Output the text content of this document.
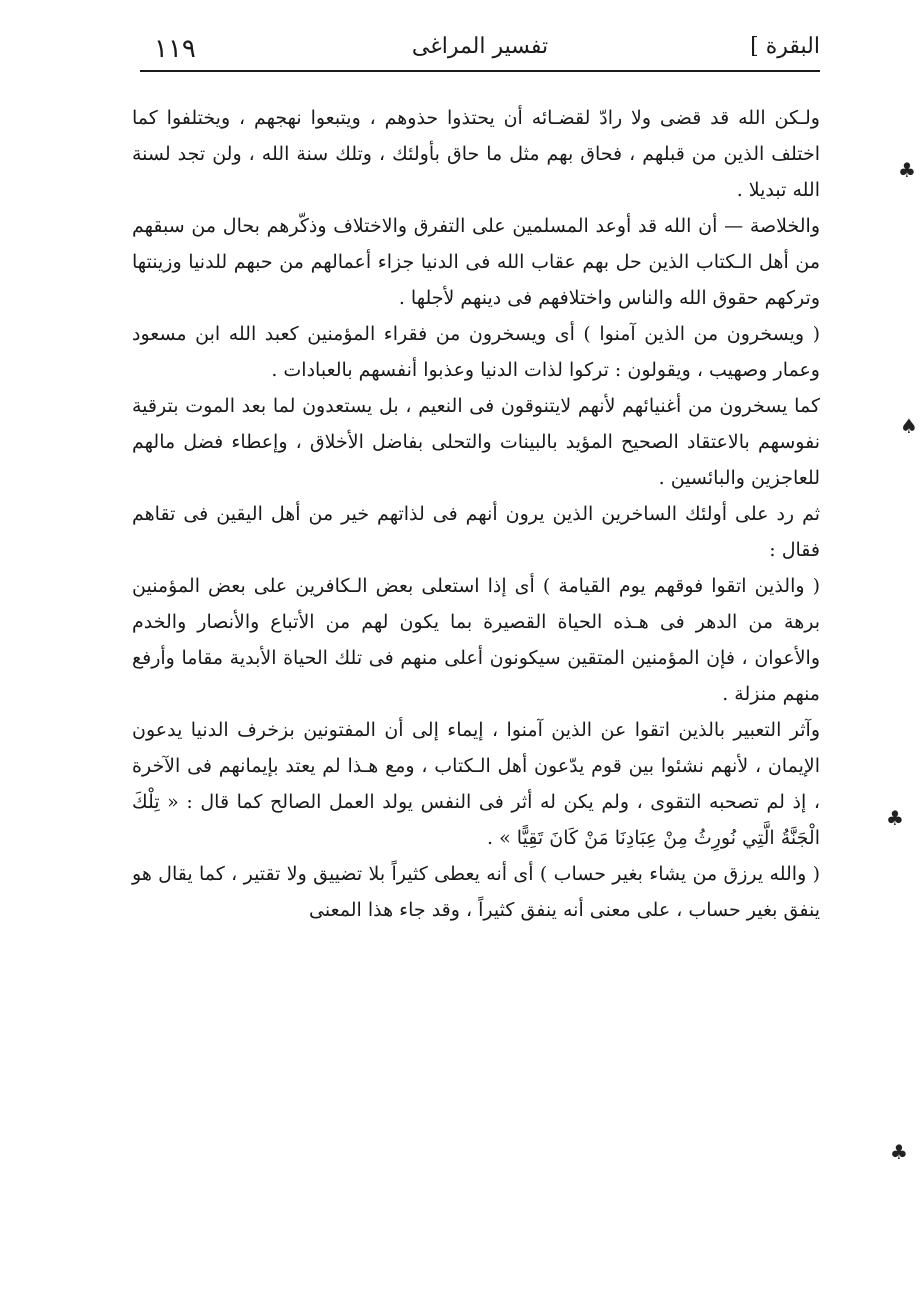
١١٩	تفسير المراغى	البقرة ]

ولـكن الله قد قضى ولا رادّ لقضـائه أن يحتذوا حذوهم ، ويتبعوا نهجهم ، ويختلفوا كما اختلف الذين من قبلهم ، فحاق بهم مثل ما حاق بأولئك ، وتلك سنة الله ، ولن تجد لسنة الله تبديلا .

والخلاصة — أن الله قد أوعد المسلمين على التفرق والاختلاف وذكّرهم بحال من سبقهم من أهل الـكتاب الذين حل بهم عقاب الله فى الدنيا جزاء أعمالهم من حبهم للدنيا وزينتها وتركهم حقوق الله والناس واختلافهم فى دينهم لأجلها .

( ويسخرون من الذين آمنوا ) أى ويسخرون من فقراء المؤمنين كعبد الله ابن مسعود وعمار وصهيب ، ويقولون : تركوا لذات الدنيا وعذبوا أنفسهم بالعبادات .

كما يسخرون من أغنيائهم لأنهم لايتنوقون فى النعيم ، بل يستعدون لما بعد الموت بترقية نفوسهم بالاعتقاد الصحيح المؤيد بالبينات والتحلى بفاضل الأخلاق ، وإعطاء فضل مالهم للعاجزين والبائسين .

ثم رد على أولئك الساخرين الذين يرون أنهم فى لذاتهم خير من أهل اليقين فى تقاهم فقال :

( والذين اتقوا فوقهم يوم القيامة ) أى إذا استعلى بعض الـكافرين على بعض المؤمنين برهة من الدهر فى هـذه الحياة القصيرة بما يكون لهم من الأتباع والأنصار والخدم والأعوان ، فإن المؤمنين المتقين سيكونون أعلى منهم فى تلك الحياة الأبدية مقاما وأرفع منهم منزلة .

وآثر التعبير بالذين اتقوا عن الذين آمنوا ، إيماء إلى أن المفتونين بزخرف الدنيا يدعون الإيمان ، لأنهم نشئوا بين قوم يدّعون أهل الـكتاب ، ومع هـذا لم يعتد بإيمانهم فى الآخرة ، إذ لم تصحبه التقوى ، ولم يكن له أثر فى النفس يولد العمل الصالح كما قال : « تِلْكَ الْجَنَّةُ الَّتِي نُورِثُ مِنْ عِبَادِنَا مَنْ كَانَ تَقِيًّا » .

( والله يرزق من يشاء بغير حساب ) أى أنه يعطى كثيراً بلا تضييق ولا تقتير ، كما يقال هو ينفق بغير حساب ، على معنى أنه ينفق كثيراً ، وقد جاء هذا المعنى

♣
♠
♣
♣
